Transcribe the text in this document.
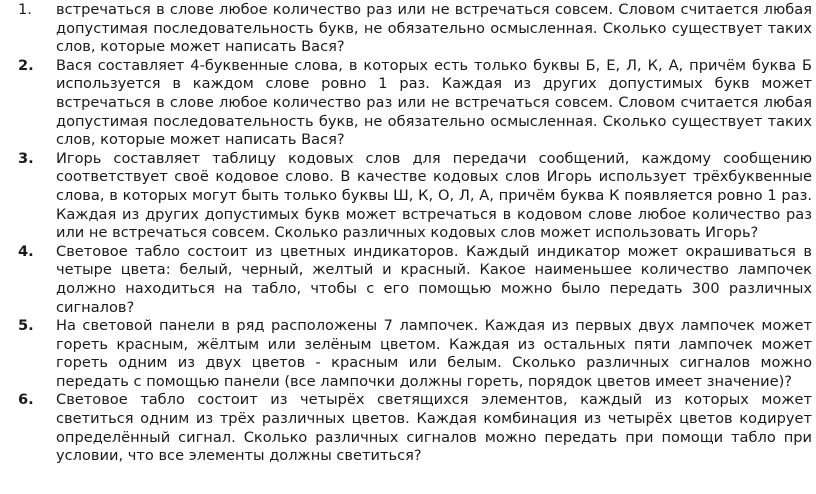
1.	встречаться в слове любое количество раз или не встречаться совсем. Словом считается любая допустимая последовательность букв, не обязательно осмысленная. Сколько существует таких слов, которые может написать Вася?
2.	Вася составляет 4-буквенные слова, в которых есть только буквы Б, Е, Л, К, А, причём буква Б используется в каждом слове ровно 1 раз. Каждая из других допустимых букв может встречаться в слове любое количество раз или не встречаться совсем. Словом считается любая допустимая последовательность букв, не обязательно осмысленная. Сколько существует таких слов, которые может написать Вася?
3.	Игорь составляет таблицу кодовых слов для передачи сообщений, каждому сообщению соответствует своё кодовое слово. В качестве кодовых слов Игорь использует трёхбуквенные слова, в которых могут быть только буквы Ш, К, О, Л, А, причём буква К появляется ровно 1 раз. Каждая из других допустимых букв может встречаться в кодовом слове любое количество раз или не встречаться совсем. Сколько различных кодовых слов может использовать Игорь?
4.	Световое табло состоит из цветных индикаторов. Каждый индикатор может окрашиваться в четыре цвета: белый, черный, желтый и красный. Какое наименьшее количество лампочек должно находиться на табло, чтобы с его помощью можно было передать 300 различных сигналов?
5.	На световой панели в ряд расположены 7 лампочек. Каждая из первых двух лампочек может гореть красным, жёлтым или зелёным цветом. Каждая из остальных пяти лампочек может гореть одним из двух цветов - красным или белым. Сколько различных сигналов можно передать с помощью панели (все лампочки должны гореть, порядок цветов имеет значение)?
6.	Световое табло состоит из четырёх светящихся элементов, каждый из которых может светиться одним из трёх различных цветов. Каждая комбинация из четырёх цветов кодирует определённый сигнал. Сколько различных сигналов можно передать при помощи табло при условии, что все элементы должны светиться?
